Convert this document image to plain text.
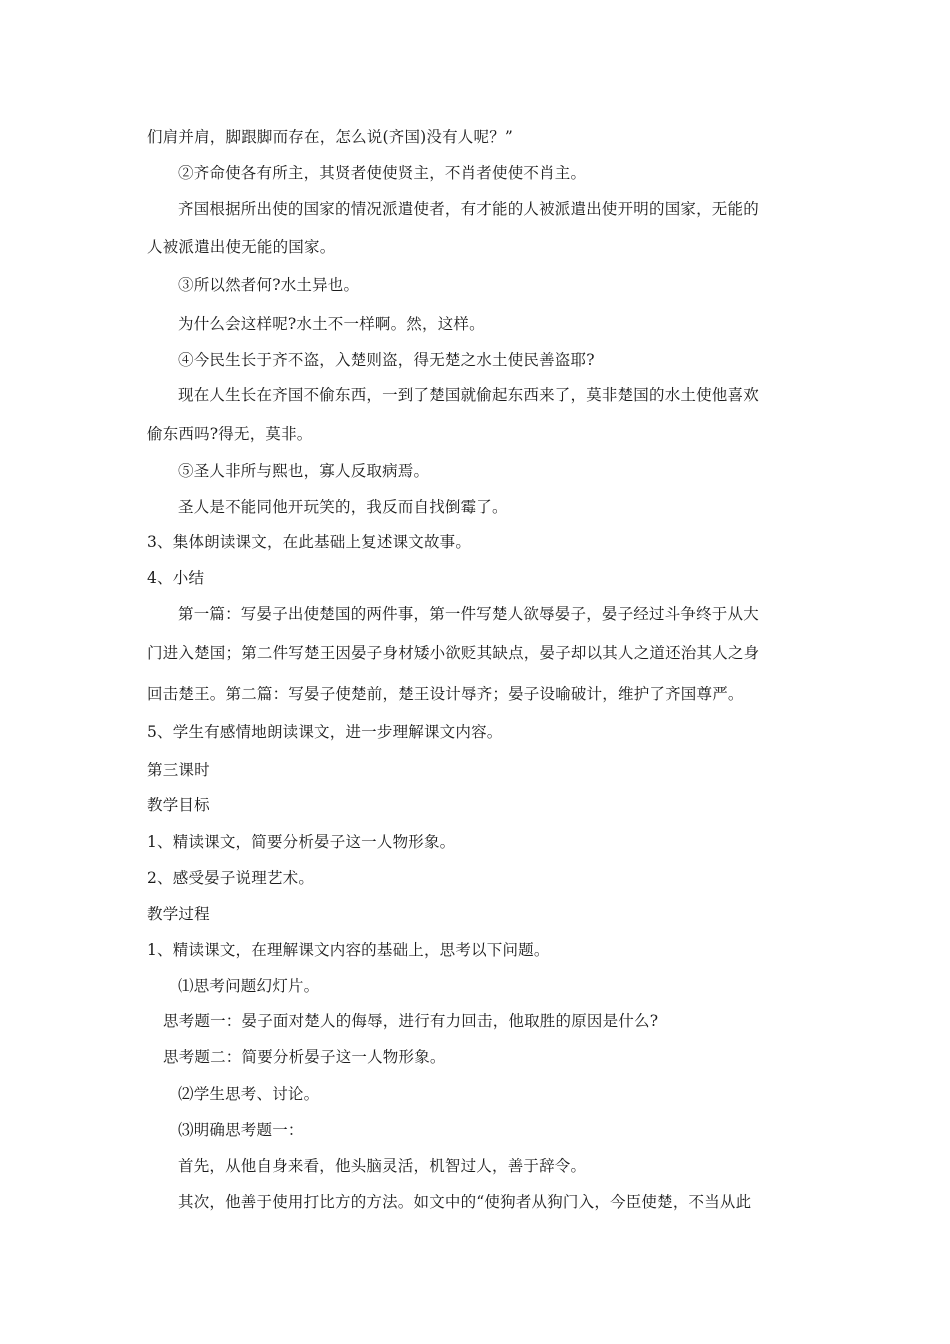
们肩并肩，脚跟脚而存在，怎么说(齐国)没有人呢？”
②齐命使各有所主，其贤者使使贤主，不肖者使使不肖主。
齐国根据所出使的国家的情况派遣使者，有才能的人被派遣出使开明的国家，无能的
人被派遣出使无能的国家。
③所以然者何?水土异也。
为什么会这样呢?水土不一样啊。然，这样。
④今民生长于齐不盗，入楚则盗，得无楚之水土使民善盗耶?
现在人生长在齐国不偷东西，一到了楚国就偷起东西来了，莫非楚国的水土使他喜欢
偷东西吗?得无，莫非。
⑤圣人非所与熙也，寡人反取病焉。
圣人是不能同他开玩笑的，我反而自找倒霉了。
3、集体朗读课文，在此基础上复述课文故事。
4、小结
第一篇：写晏子出使楚国的两件事，第一件写楚人欲辱晏子，晏子经过斗争终于从大
门进入楚国；第二件写楚王因晏子身材矮小欲贬其缺点，晏子却以其人之道还治其人之身
回击楚王。第二篇：写晏子使楚前，楚王设计辱齐；晏子设喻破计，维护了齐国尊严。
5、学生有感情地朗读课文，进一步理解课文内容。
第三课时
教学目标
1、精读课文，简要分析晏子这一人物形象。
2、感受晏子说理艺术。
教学过程
1、精读课文，在理解课文内容的基础上，思考以下问题。
⑴思考问题幻灯片。
思考题一：晏子面对楚人的侮辱，进行有力回击，他取胜的原因是什么?
思考题二：简要分析晏子这一人物形象。
⑵学生思考、讨论。
⑶明确思考题一：
首先，从他自身来看，他头脑灵活，机智过人，善于辞令。
其次，他善于使用打比方的方法。如文中的“使狗者从狗门入，今臣使楚，不当从此
